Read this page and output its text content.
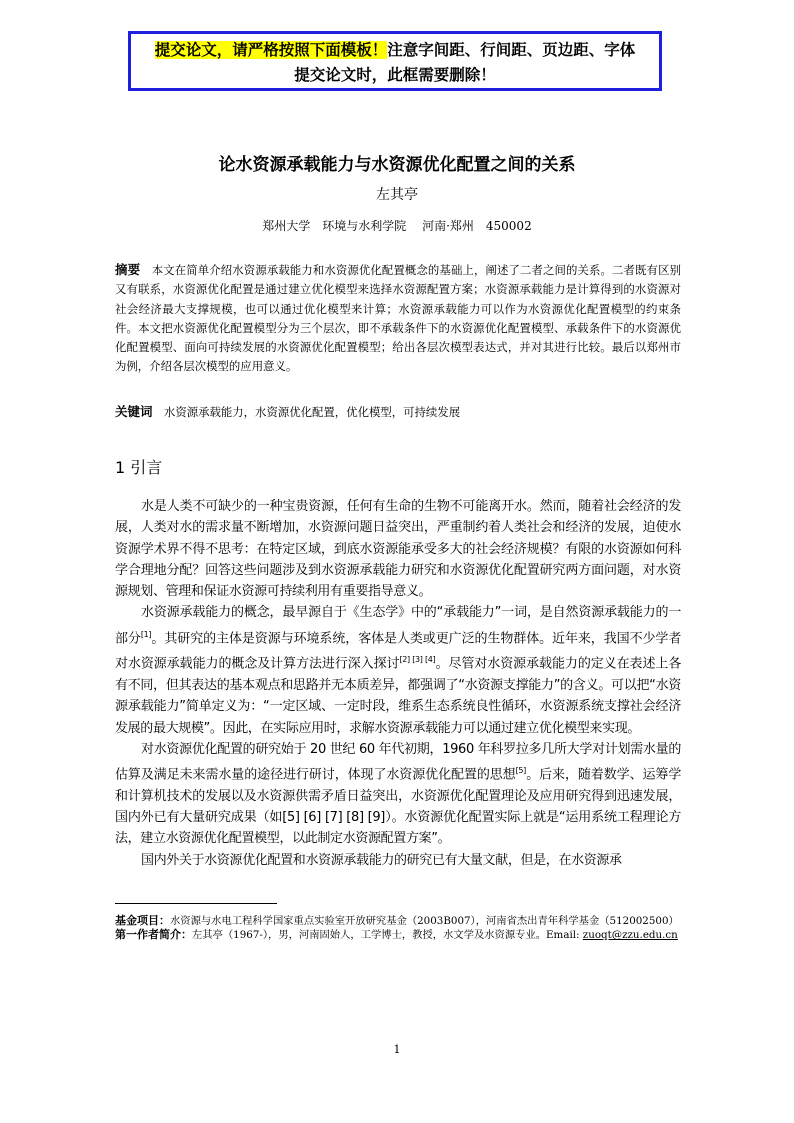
提交论文，请严格按照下面模板！注意字间距、行间距、页边距、字体
提交论文时，此框需要删除！
论水资源承载能力与水资源优化配置之间的关系
左其亭
郑州大学　环境与水利学院　 河南·郑州　450002
摘要　 本文在简单介绍水资源承载能力和水资源优化配置概念的基础上，阐述了二者之间的关系。二者既有区别又有联系，水资源优化配置是通过建立优化模型来选择水资源配置方案；水资源承载能力是计算得到的水资源对社会经济最大支撑规模，也可以通过优化模型来计算；水资源承载能力可以作为水资源优化配置模型的约束条件。本文把水资源优化配置模型分为三个层次，即不承载条件下的水资源优化配置模型、承载条件下的水资源优化配置模型、面向可持续发展的水资源优化配置模型；给出各层次模型表达式，并对其进行比较。最后以郑州市为例，介绍各层次模型的应用意义。
关键词　 水资源承载能力，水资源优化配置，优化模型，可持续发展
1 引言

水是人类不可缺少的一种宝贵资源，任何有生命的生物不可能离开水。然而，随着社会经济的发展，人类对水的需求量不断增加，水资源问题日益突出，严重制约着人类社会和经济的发展，迫使水资源学术界不得不思考：在特定区域，到底水资源能承受多大的社会经济规模？有限的水资源如何科学合理地分配？回答这些问题涉及到水资源承载能力研究和水资源优化配置研究两方面问题，对水资源规划、管理和保证水资源可持续利用有重要指导意义。

水资源承载能力的概念，最早源自于《生态学》中的“承载能力”一词，是自然资源承载能力的一部分[1]。其研究的主体是资源与环境系统，客体是人类或更广泛的生物群体。近年来，我国不少学者对水资源承载能力的概念及计算方法进行深入探讨[2] [3] [4]。尽管对水资源承载能力的定义在表述上各有不同，但其表达的基本观点和思路并无本质差异，都强调了“水资源支撑能力”的含义。可以把“水资源承载能力”简单定义为：“一定区域、一定时段，维系生态系统良性循环，水资源系统支撑社会经济发展的最大规模”。因此，在实际应用时，求解水资源承载能力可以通过建立优化模型来实现。

对水资源优化配置的研究始于 20 世纪 60 年代初期，1960 年科罗拉多几所大学对计划需水量的估算及满足未来需水量的途径进行研讨，体现了水资源优化配置的思想[5]。后来，随着数学、运筹学和计算机技术的发展以及水资源供需矛盾日益突出，水资源优化配置理论及应用研究得到迅速发展，国内外已有大量研究成果（如[5] [6] [7] [8] [9]）。水资源优化配置实际上就是“运用系统工程理论方法，建立水资源优化配置模型，以此制定水资源配置方案”。

国内外关于水资源优化配置和水资源承载能力的研究已有大量文献，但是，在水资源承

基金项目：水资源与水电工程科学国家重点实验室开放研究基金（2003B007），河南省杰出青年科学基金（512002500）
第一作者简介：左其亭（1967-），男，河南固始人，工学博士，教授，水文学及水资源专业。Email: zuoqt@zzu.edu.cn
1
